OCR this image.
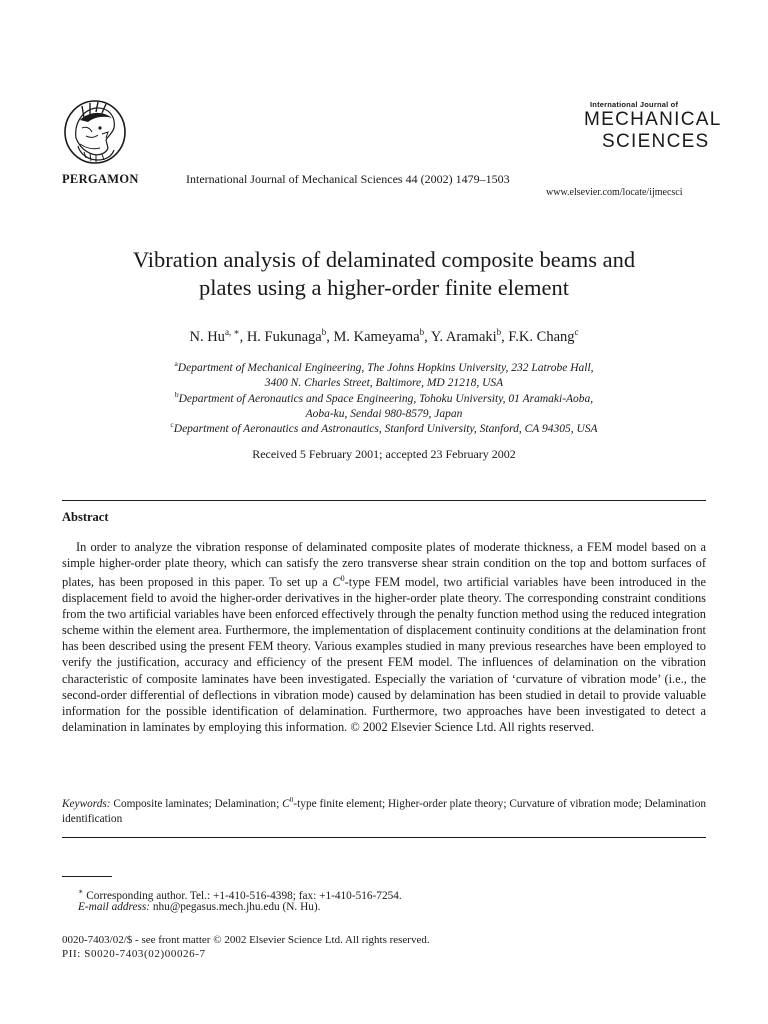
PERGAMON	International Journal of Mechanical Sciences 44 (2002) 1479–1503
International Journal of
MECHANICAL
SCIENCES
www.elsevier.com/locate/ijmecsci
Vibration analysis of delaminated composite beams and
plates using a higher-order finite element
N. $Hu^{a, ∗}$, H. Fukunaga$^b$, M. Kameyama$^b$, Y. Aramaki$^b$, F.K. Chang$^c$
$^a$Department of Mechanical Engineering, The Johns Hopkins University, 232 Latrobe Hall,
3400 N. Charles Street, Baltimore, MD 21218, USA
$^b$Department of Aeronautics and Space Engineering, Tohoku University, 01 Aramaki-Aoba,
Aoba-ku, Sendai 980-8579, Japan
$^c$Department of Aeronautics and Astronautics, Stanford University, Stanford, CA 94305, USA
Received 5 February 2001; accepted 23 February 2002
Abstract
In order to analyze the vibration response of delaminated composite plates of moderate thickness, a FEM model based on a simple higher-order plate theory, which can satisfy the zero transverse shear strain condition on the top and bottom surfaces of plates, has been proposed in this paper. To set up a $C^0$-type FEM model, two artificial variables have been introduced in the displacement field to avoid the higher-order derivatives in the higher-order plate theory. The corresponding constraint conditions from the two artificial variables have been enforced effectively through the penalty function method using the reduced integration scheme within the element area. Furthermore, the implementation of displacement continuity conditions at the delamination front has been described using the present FEM theory. Various examples studied in many previous researches have been employed to verify the justification, accuracy and efficiency of the present FEM model. The influences of delamination on the vibration characteristic of composite laminates have been investigated. Especially the variation of ‘curvature of vibration mode’ (i.e., the second-order differential of deflections in vibration mode) caused by delamination has been studied in detail to provide valuable information for the possible identification of delamination. Furthermore, two approaches have been investigated to detect a delamination in laminates by employing this information. © 2002 Elsevier Science Ltd. All rights reserved.
Keywords: Composite laminates; Delamination; $C^0$-type finite element; Higher-order plate theory; Curvature of vibration mode; Delamination identification
∗ Corresponding author. Tel.: +1-410-516-4398; fax: +1-410-516-7254.
E-mail address: nhu@pegasus.mech.jhu.edu (N. Hu).
0020-7403/02/$ - see front matter © 2002 Elsevier Science Ltd. All rights reserved.
PII: S0020-7403(02)00026-7
